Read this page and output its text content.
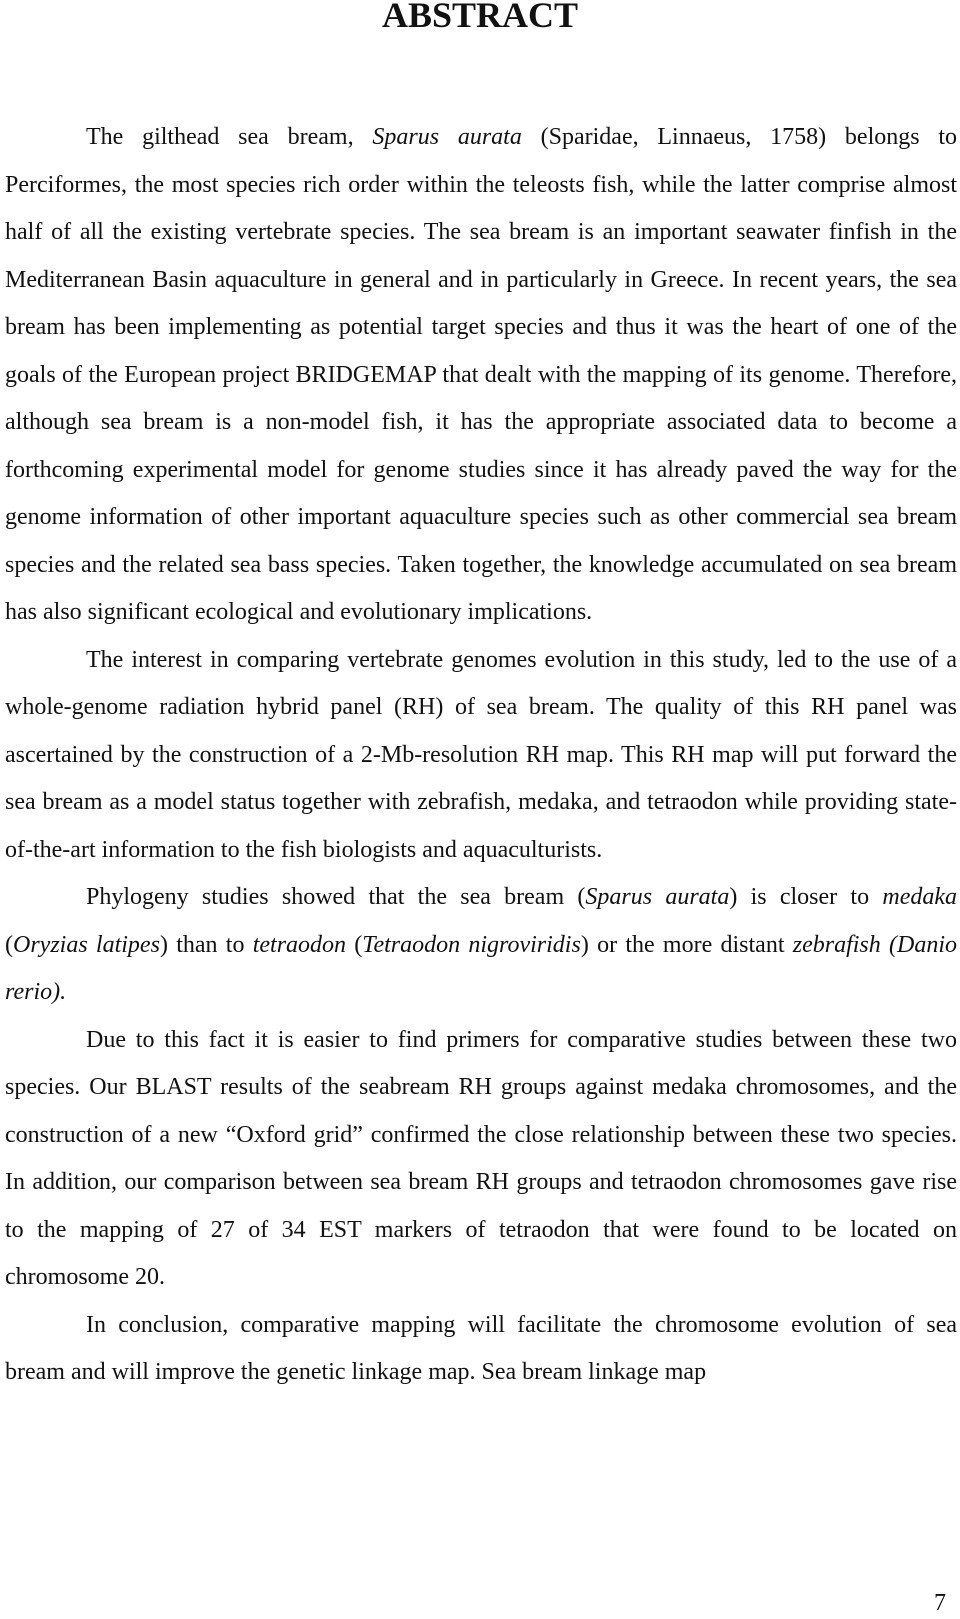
ABSTRACT

The gilthead sea bream, Sparus aurata (Sparidae, Linnaeus, 1758) belongs to Perciformes, the most species rich order within the teleosts fish, while the latter comprise almost half of all the existing vertebrate species. The sea bream is an important seawater finfish in the Mediterranean Basin aquaculture in general and in particularly in Greece. In recent years, the sea bream has been implementing as potential target species and thus it was the heart of one of the goals of the European project BRIDGEMAP that dealt with the mapping of its genome. Therefore, although sea bream is a non-model fish, it has the appropriate associated data to become a forthcoming experimental model for genome studies since it has already paved the way for the genome information of other important aquaculture species such as other commercial sea bream species and the related sea bass species. Taken together, the knowledge accumulated on sea bream has also significant ecological and evolutionary implications.

The interest in comparing vertebrate genomes evolution in this study, led to the use of a whole-genome radiation hybrid panel (RH) of sea bream. The quality of this RH panel was ascertained by the construction of a 2-Mb-resolution RH map. This RH map will put forward the sea bream as a model status together with zebrafish, medaka, and tetraodon while providing state-of-the-art information to the fish biologists and aquaculturists.

Phylogeny studies showed that the sea bream (Sparus aurata) is closer to medaka (Oryzias latipes) than to tetraodon (Tetraodon nigroviridis) or the more distant zebrafish (Danio rerio).

Due to this fact it is easier to find primers for comparative studies between these two species. Our BLAST results of the seabream RH groups against medaka chromosomes, and the construction of a new “Oxford grid” confirmed the close relationship between these two species. In addition, our comparison between sea bream RH groups and tetraodon chromosomes gave rise to the mapping of 27 of 34 EST markers of tetraodon that were found to be located on chromosome 20.

In conclusion, comparative mapping will facilitate the chromosome evolution of sea bream and will improve the genetic linkage map. Sea bream linkage map

7
